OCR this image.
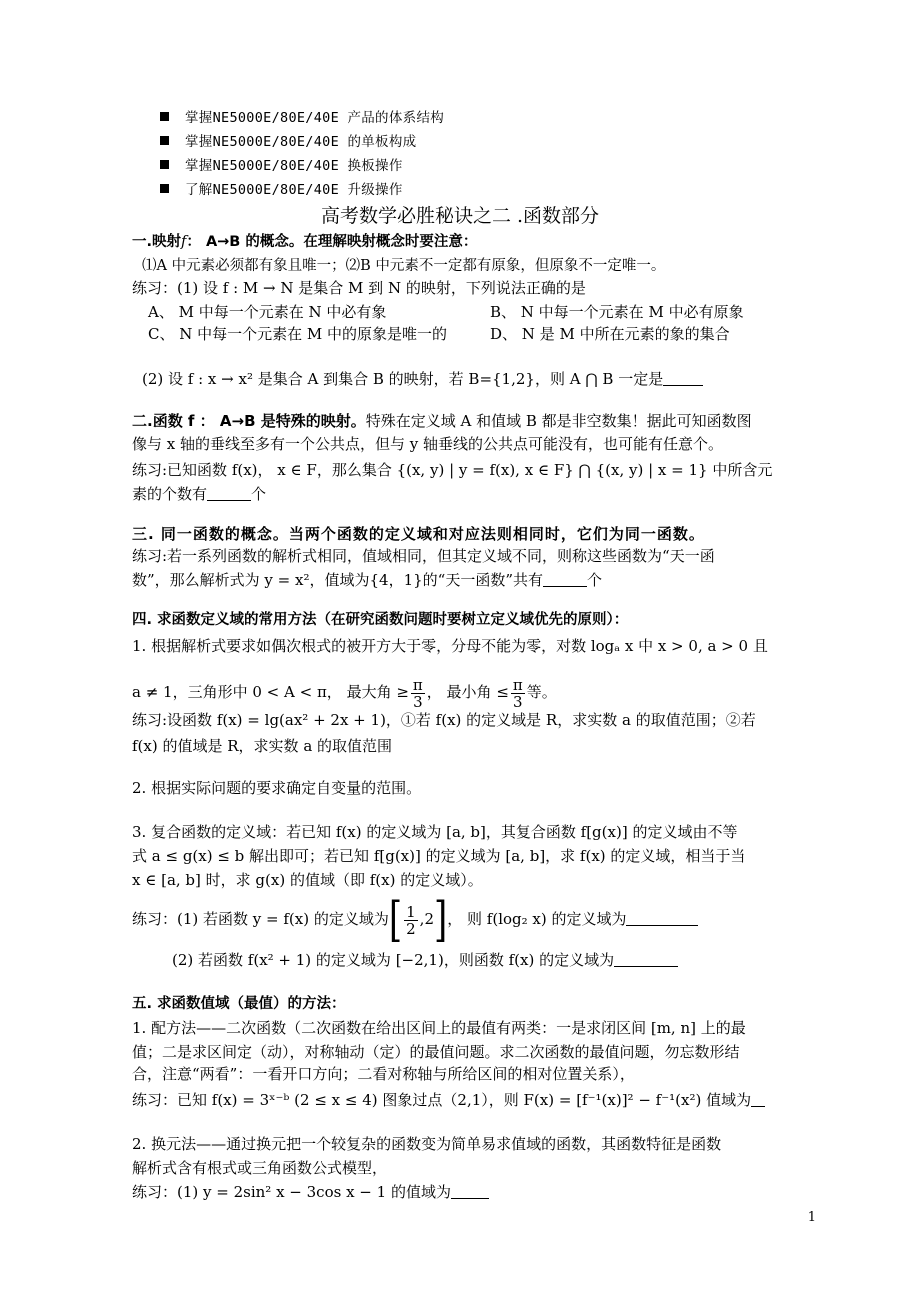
掌握NE5000E/80E/40E 产品的体系结构
掌握NE5000E/80E/40E 的单板构成
掌握NE5000E/80E/40E 换板操作
了解NE5000E/80E/40E 升级操作
高考数学必胜秘诀之二 .函数部分
一.映射f： A→B 的概念。在理解映射概念时要注意：
⑴A 中元素必须都有象且唯一；⑵B 中元素不一定都有原象，但原象不一定唯一。
练习：(1) 设 f : M → N 是集合 M 到 N 的映射，下列说法正确的是
A、 M 中每一个元素在 N 中必有象	B、 N 中每一个元素在 M 中必有原象
C、 N 中每一个元素在 M 中的原象是唯一的	D、 N 是 M 中所在元素的象的集合
(2) 设 f : x → x² 是集合 A 到集合 B 的映射，若 B={1,2}，则 A ⋂ B 一定是
二.函数 f ： A→B 是特殊的映射。特殊在定义域 A 和值域 B 都是非空数集！据此可知函数图
像与 x 轴的垂线至多有一个公共点，但与 y 轴垂线的公共点可能没有，也可能有任意个。
练习:已知函数 f(x)， x ∈ F，那么集合 {(x, y) | y = f(x), x ∈ F} ⋂ {(x, y) | x = 1} 中所含元
素的个数有	个
三. 同一函数的概念。当两个函数的定义域和对应法则相同时，它们为同一函数。
练习:若一系列函数的解析式相同，值域相同，但其定义域不同，则称这些函数为“天一函
数”，那么解析式为 y = x²，值域为{4，1}的“天一函数”共有	个
四. 求函数定义域的常用方法（在研究函数问题时要树立定义域优先的原则）：
1. 根据解析式要求如偶次根式的被开方大于零，分母不能为零，对数 logₐ x 中 x > 0, a > 0 且
a ≠ 1，三角形中 0 < A < π， 最大角 ≥ $\frac{\pi}{3}$ ， 最小角 ≤ $\frac{\pi}{3}$ 等。
练习:设函数 f(x) = lg(ax² + 2x + 1)，①若 f(x) 的定义域是 R，求实数 a 的取值范围；②若
f(x) 的值域是 R，求实数 a 的取值范围
2. 根据实际问题的要求确定自变量的范围。
3. 复合函数的定义域：若已知 f(x) 的定义域为 [a, b]，其复合函数 f[g(x)] 的定义域由不等
式 a ≤ g(x) ≤ b 解出即可；若已知 f[g(x)] 的定义域为 [a, b]，求 f(x) 的定义域，相当于当
x ∈ [a, b] 时，求 g(x) 的值域（即 f(x) 的定义域）。
练习：(1) 若函数 y = f(x) 的定义域为[ $\frac{1}{2} ,2$]， 则 f(log₂ x) 的定义域为
(2) 若函数 f(x² + 1) 的定义域为 [−2,1)，则函数 f(x) 的定义域为
五. 求函数值域（最值）的方法：
1. 配方法——二次函数（二次函数在给出区间上的最值有两类：一是求闭区间 [m, n] 上的最
值；二是求区间定（动），对称轴动（定）的最值问题。求二次函数的最值问题，勿忘数形结
合，注意“两看”：一看开口方向；二看对称轴与所给区间的相对位置关系），
练习：已知 f(x) = 3ˣ⁻ᵇ (2 ≤ x ≤ 4) 图象过点（2,1），则 F(x) = [f⁻¹(x)]² − f⁻¹(x²) 值域为
2. 换元法——通过换元把一个较复杂的函数变为简单易求值域的函数，其函数特征是函数
解析式含有根式或三角函数公式模型，
练习：(1) y = 2sin² x − 3cos x − 1 的值域为
1
